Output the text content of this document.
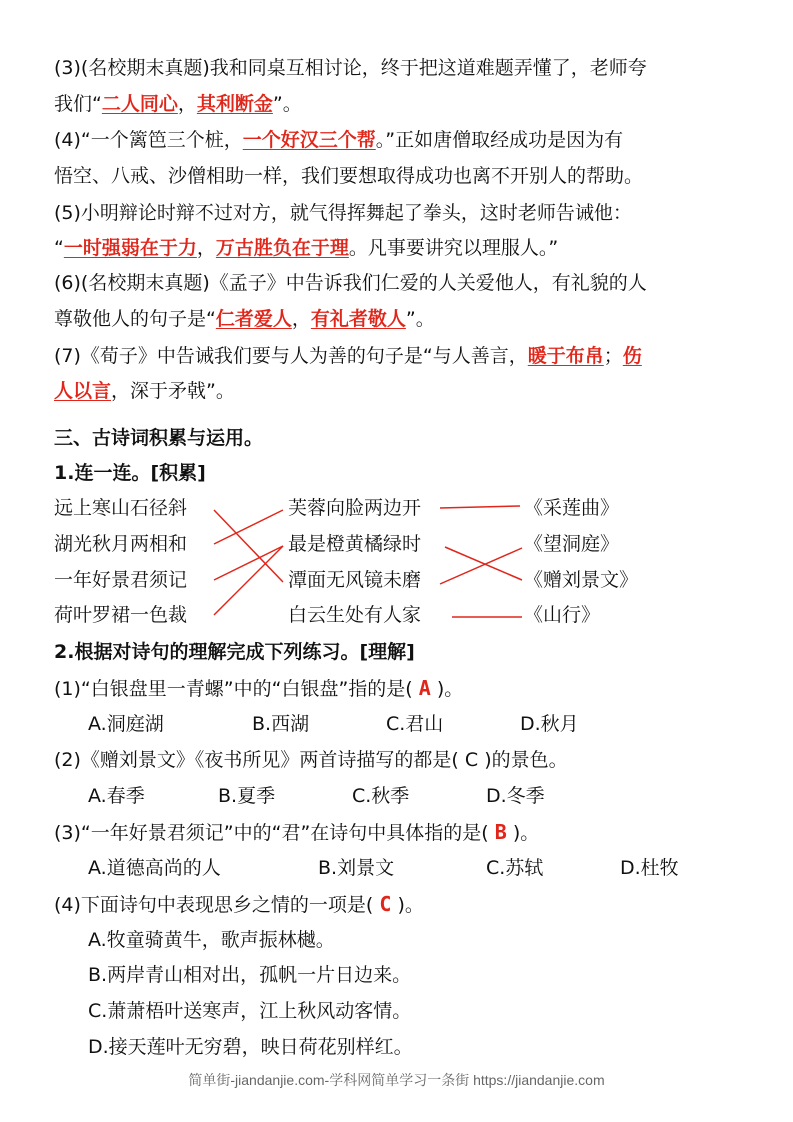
(3)(名校期末真题)我和同桌互相讨论，终于把这道难题弄懂了，老师夸
我们“二人同心，其利断金”。
(4)“一个篱笆三个桩，一个好汉三个帮。”正如唐僧取经成功是因为有
悟空、八戒、沙僧相助一样，我们要想取得成功也离不开别人的帮助。
(5)小明辩论时辩不过对方，就气得挥舞起了拳头，这时老师告诫他：
“一时强弱在于力，万古胜负在于理。凡事要讲究以理服人。”
(6)(名校期末真题)《孟子》中告诉我们仁爱的人关爱他人，有礼貌的人
尊敬他人的句子是“仁者爱人，有礼者敬人”。
(7)《荀子》中告诫我们要与人为善的句子是“与人善言，暖于布帛；伤
人以言，深于矛戟”。
三、古诗词积累与运用。
1.连一连。[积累]
远上寒山石径斜
湖光秋月两相和
一年好景君须记
荷叶罗裙一色裁
芙蓉向脸两边开
最是橙黄橘绿时
潭面无风镜未磨
白云生处有人家
《采莲曲》
《望洞庭》
《赠刘景文》
《山行》
2.根据对诗句的理解完成下列练习。[理解]
(1)“白银盘里一青螺”中的“白银盘”指的是( A )。
A.洞庭湖	B.西湖	C.君山	D.秋月
(2)《赠刘景文》《夜书所见》两首诗描写的都是( C )的景色。
A.春季	B.夏季	C.秋季	D.冬季
(3)“一年好景君须记”中的“君”在诗句中具体指的是( B )。
A.道德高尚的人	B.刘景文	C.苏轼	D.杜牧
(4)下面诗句中表现思乡之情的一项是( C )。
A.牧童骑黄牛，歌声振林樾。
B.两岸青山相对出，孤帆一片日边来。
C.萧萧梧叶送寒声，江上秋风动客情。
D.接天莲叶无穷碧，映日荷花别样红。
简单街-jiandanjie.com-学科网简单学习一条街 https://jiandanjie.com
